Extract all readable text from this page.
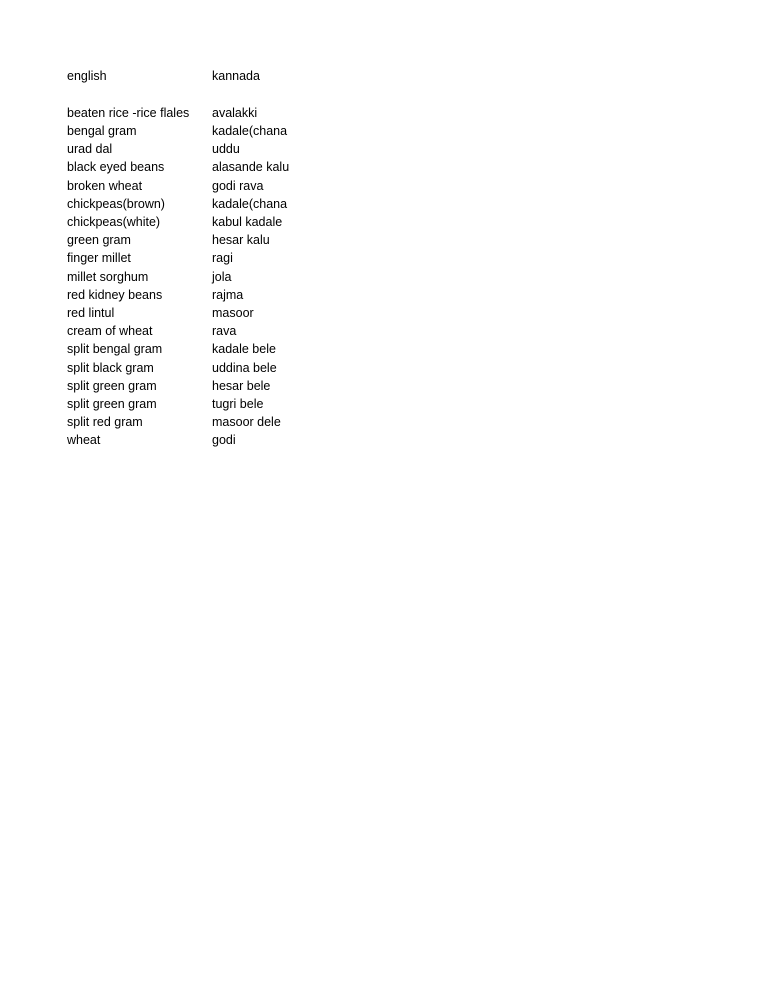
english	kannada
beaten rice -rice flales	avalakki
bengal gram	kadale(chana
urad dal	uddu
black eyed beans	alasande kalu
broken wheat	godi rava
chickpeas(brown)	kadale(chana
chickpeas(white)	kabul kadale
green gram	hesar kalu
finger millet	ragi
millet sorghum	jola
red kidney beans	rajma
red lintul	masoor
cream of wheat	rava
split bengal gram	kadale bele
split black gram	uddina bele
split green gram	hesar bele
split green gram	tugri bele
split red gram	masoor dele
wheat	godi
